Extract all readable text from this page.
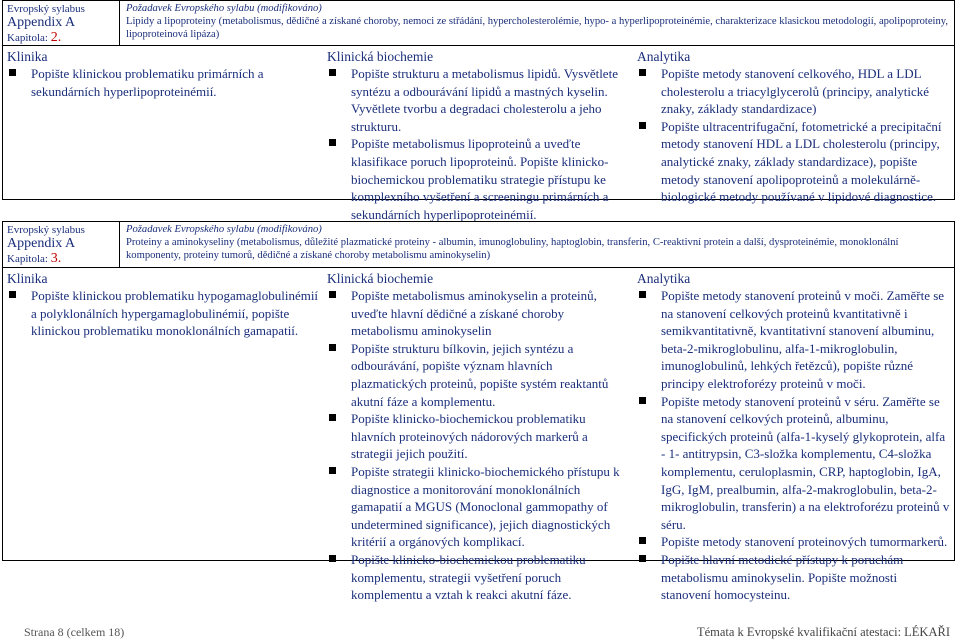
Evropský sylabus
Appendix A
Kapitola: 2.
Požadavek Evropského sylabu (modifikováno)
Lipidy a lipoproteiny (metabolismus, dědičné a získané choroby, nemoci ze střádání, hypercholesterolémie, hypo- a hyperlipoproteinémie, charakterizace klasickou metodologií, apolipoproteiny, lipoproteinová lipáza)
Klinika
Popište klinickou problematiku primárních a sekundárních hyperlipoproteinémií.
Klinická biochemie
Popište strukturu a metabolismus lipidů. Vysvětlete syntézu a odbourávání lipidů a mastných kyselin. Vyvětlete tvorbu a degradaci cholesterolu a jeho strukturu.
Popište metabolismus lipoproteinů a uveďte klasifikace poruch lipoproteinů. Popište klinicko-biochemickou problematiku strategie přístupu ke komplexního vyšetření a screeningu primárních a sekundárních hyperlipoproteinémií.
Analytika
Popište metody stanovení celkového, HDL a LDL cholesterolu a triacylglycerolů (principy, analytické znaky, základy standardizace)
Popište ultracentrifugační, fotometrické a precipitační metody stanovení HDL a LDL cholesterolu (principy, analytické znaky, základy standardizace), popište metody stanovení apolipoproteinů a molekulárně-biologické metody používané v lipidové diagnostice.
Evropský sylabus
Appendix A
Kapitola: 3.
Požadavek Evropského sylabu (modifikováno)
Proteiny a aminokyseliny (metabolismus, důležité plazmatické proteiny - albumin, imunoglobuliny, haptoglobin, transferin, C-reaktivní protein a další, dysproteinémie, monoklonální komponenty, proteiny tumorů, dědičné a získané choroby metabolismu aminokyselin)
Klinika
Popište klinickou problematiku hypogamaglobulinémií a polyklonálních hypergamaglobulinémií, popište klinickou problematiku monoklonálních gamapatií.
Klinická biochemie
Popište metabolismus aminokyselin a proteinů, uveďte hlavní dědičné a získané choroby metabolismu aminokyselin
Popište strukturu bílkovin, jejich syntézu a odbourávání, popište význam hlavních plazmatických proteinů, popište systém reaktantů akutní fáze a komplementu.
Popište klinicko-biochemickou problematiku hlavních proteinových nádorových markerů a strategii jejich použití.
Popište strategii klinicko-biochemického přístupu k diagnostice a monitorování monoklonálních gamapatií a MGUS (Monoclonal gammopathy of undetermined significance), jejich diagnostických kritérií a orgánových komplikací.
Popište klinicko-biochemickou problematiku komplementu, strategii vyšetření poruch komplementu a vztah k reakci akutní fáze.
Analytika
Popište metody stanovení proteinů v moči. Zaměřte se na stanovení celkových proteinů kvantitativně i semikvantitativně, kvantitativní stanovení albuminu, beta-2-mikroglobulinu, alfa-1-mikroglobulin, imunoglobulinů, lehkých řetězců), popište různé principy elektroforézy proteinů v moči.
Popište metody stanovení proteinů v séru. Zaměřte se na stanovení celkových proteinů, albuminu, specifických proteinů (alfa-1-kyselý glykoprotein, alfa - 1- antitrypsin, C3-složka komplementu, C4-složka komplementu, ceruloplasmin, CRP, haptoglobin, IgA, IgG, IgM, prealbumin, alfa-2-makroglobulin, beta-2-mikroglobulin, transferin) a na elektroforézu proteinů v séru.
Popište metody stanovení proteinových tumormarkerů.
Popište hlavní metodické přístupy k poruchám metabolismu aminokyselin. Popište možnosti stanovení homocysteinu.
Strana 8 (celkem 18)	Témata k Evropské kvalifikační atestaci: LÉKAŘI
